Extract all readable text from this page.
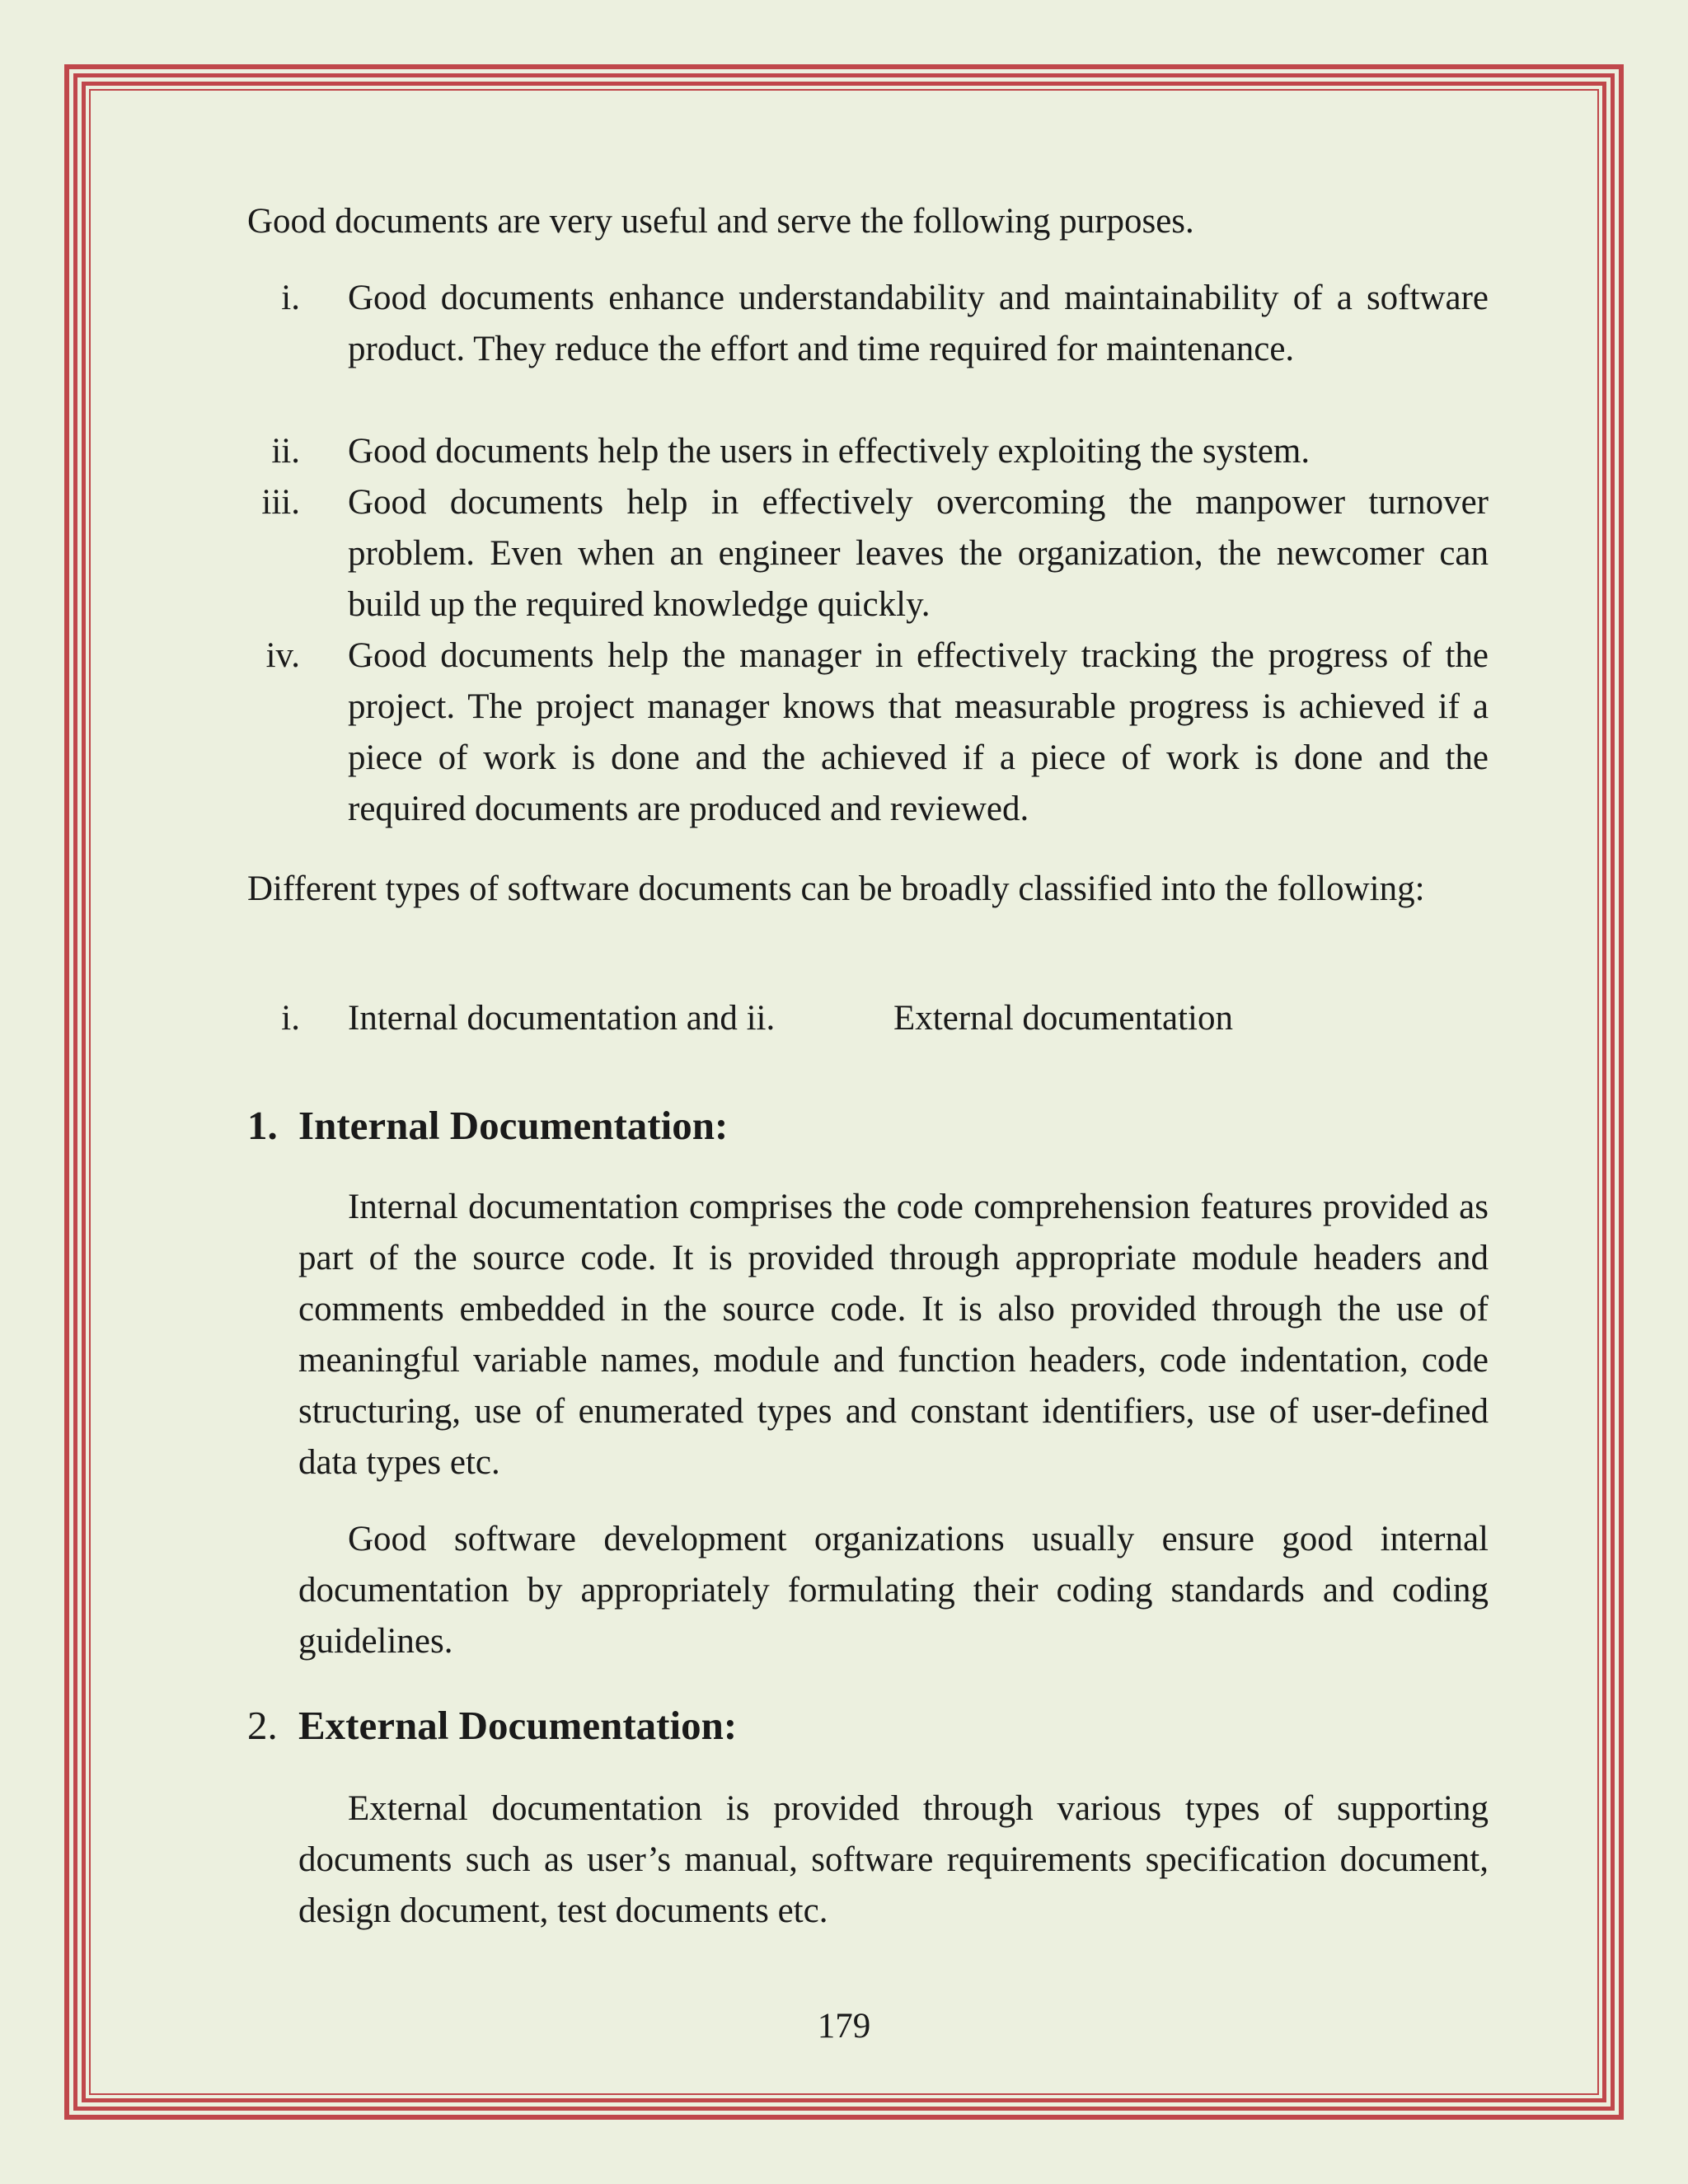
Good documents are very useful and serve the following purposes.

i. Good documents enhance understandability and maintainability of a software product. They reduce the effort and time required for maintenance.

ii. Good documents help the users in effectively exploiting the system.

iii. Good documents help in effectively overcoming the manpower turnover problem. Even when an engineer leaves the organization, the newcomer can build up the required knowledge quickly.

iv. Good documents help the manager in effectively tracking the progress of the project. The project manager knows that measurable progress is achieved if a piece of work is done and the achieved if a piece of work is done and the required documents are produced and reviewed.

Different types of software documents can be broadly classified into the following:

i. Internal documentation and ii.	External documentation
1. Internal Documentation:

Internal documentation comprises the code comprehension features provided as part of the source code. It is provided through appropriate module headers and comments embedded in the source code. It is also provided through the use of meaningful variable names, module and function headers, code indentation, code structuring, use of enumerated types and constant identifiers, use of user-defined data types etc.

Good software development organizations usually ensure good internal documentation by appropriately formulating their coding standards and coding guidelines.

2. External Documentation:

External documentation is provided through various types of supporting documents such as user’s manual, software requirements specification document, design document, test documents etc.

179
